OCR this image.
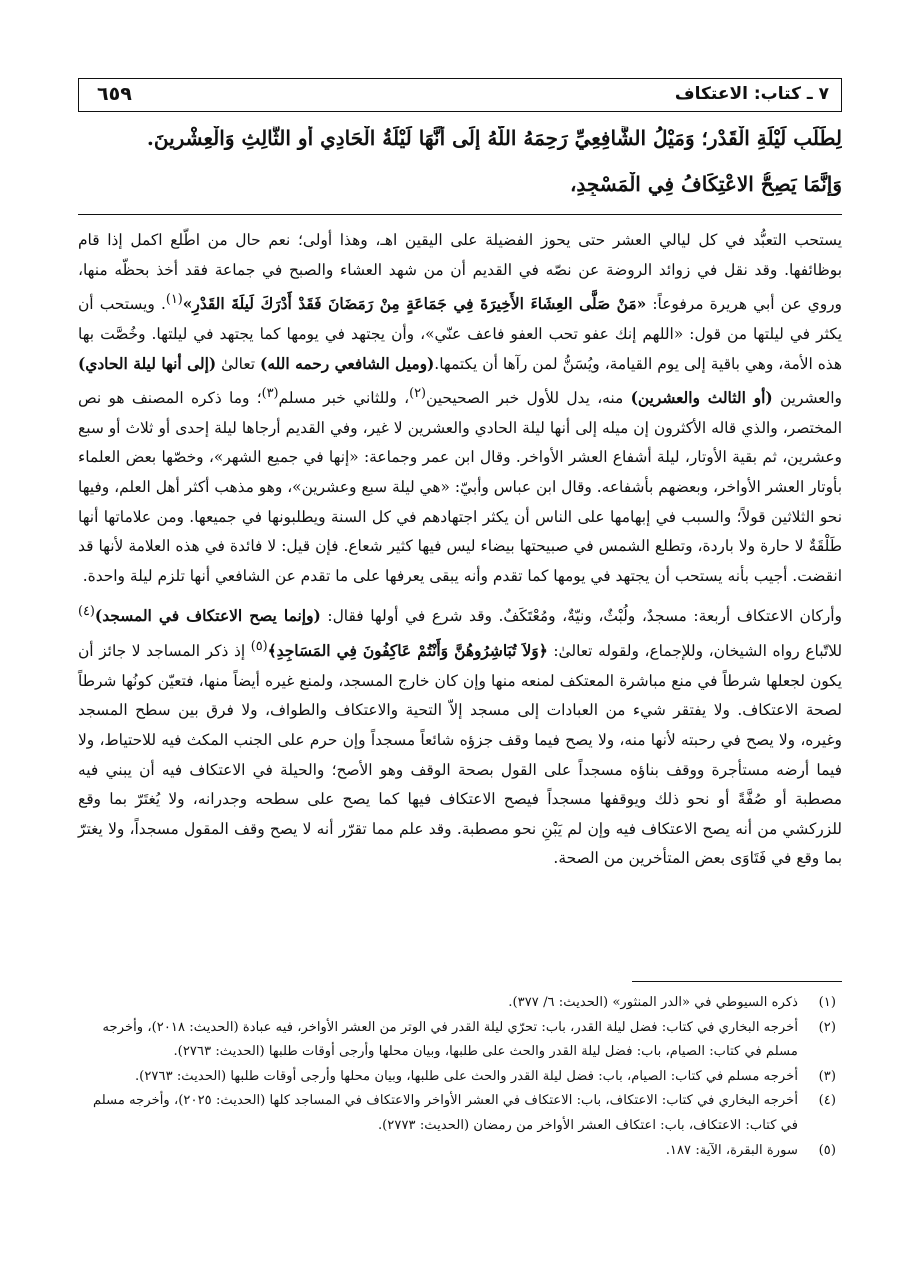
٧ ـ كتاب: الاعتكاف
٦٥٩
لِطَلَبِ لَيْلَةِ الْقَدْرِ؛ وَمَيْلُ الشَّافِعِيِّ رَحِمَهُ اللَّهُ إِلَى أَنَّهَا لَيْلَةُ الْحَادِي أَوِ الثَّالِثِ وَالْعِشْرِينَ.
وَإِنَّمَا يَصِحُّ الاعْتِكَافُ فِي الْمَسْجِدِ،

يستحب التعبُّد في كل ليالي العشر حتى يحوز الفضيلة على اليقين اهـ، وهذا أولى؛ نعم حال من اطّلع اكمل إذا قام بوظائفها. وقد نقل في زوائد الروضة عن نصّه في القديم أن من شهد العشاء والصبح في جماعة فقد أخذ بحظّه منها، وروي عن أبي هريرة مرفوعاً: «مَنْ صَلَّى العِشَاءَ الأَخِيرَةَ فِي جَمَاعَةٍ مِنْ رَمَضَانَ فَقَدْ أَدْرَكَ لَيلَةَ القَدْرِ»$^{(١)}$. ويستحب أن يكثر في ليلتها من قول: «اللهم إنك عفو تحب العفو فاعف عنّي»، وأن يجتهد في يومها كما يجتهد في ليلتها. وخُصَّت بها هذه الأمة، وهي باقية إلى يوم القيامة، ويُسَنُّ لمن رآها أن يكتمها.(وميل الشافعي رحمه الله) تعالىٰ (إلى أنها ليلة الحادي) والعشرين (أو الثالث والعشرين) منه، يدل للأول خبر الصحيحين$^{(٢)}$، وللثاني خبر مسلم$^{(٣)}$؛ وما ذكره المصنف هو نص المختصر، والذي قاله الأكثرون إن ميله إلى أنها ليلة الحادي والعشرين لا غير، وفي القديم أرجاها ليلة إحدى أو ثلاث أو سبع وعشرين، ثم بقية الأوتار، ليلة أشفاع العشر الأواخر. وقال ابن عمر وجماعة: «إنها في جميع الشهر»، وخصّها بعض العلماء بأوتار العشر الأواخر، وبعضهم بأشفاعه. وقال ابن عباس وأبيّ: «هي ليلة سبع وعشرين»، وهو مذهب أكثر أهل العلم، وفيها نحو الثلاثين قولاً؛ والسبب في إبهامها على الناس أن يكثر اجتهادهم في كل السنة ويطلبونها في جميعها. ومن علاماتها أنها طَلْقَةٌ لا حارة ولا باردة، وتطلع الشمس في صبيحتها بيضاء ليس فيها كثير شعاع. فإن قيل: لا فائدة في هذه العلامة لأنها قد انقضت. أجيب بأنه يستحب أن يجتهد في يومها كما تقدم وأنه يبقى يعرفها على ما تقدم عن الشافعي أنها تلزم ليلة واحدة.

وأركان الاعتكاف أربعة: مسجدٌ، ولُبْثٌ، ونيّةٌ، ومُعْتَكَفٌ. وقد شرع في أولها فقال: (وإنما يصح الاعتكاف في المسجد)$^{(٤)}$ للاتّباع رواه الشيخان، وللإجماع، ولقوله تعالىٰ: ﴿وَلاَ تُبَاشِرُوهُنَّ وَأَنْتُمْ عَاكِفُونَ فِي المَسَاجِدِ﴾$^{(٥)}$ إذ ذكر المساجد لا جائز أن يكون لجعلها شرطاً في منع مباشرة المعتكف لمنعه منها وإن كان خارج المسجد، ولمنع غيره أيضاً منها، فتعيّن كونُها شرطاً لصحة الاعتكاف. ولا يفتقر شيء من العبادات إلى مسجد إلاّ التحية والاعتكاف والطواف، ولا فرق بين سطح المسجد وغيره، ولا يصح في رحبته لأنها منه، ولا يصح فيما وقف جزؤه شائعاً مسجداً وإن حرم على الجنب المكث فيه للاحتياط، ولا فيما أرضه مستأجرة ووقف بناؤه مسجداً على القول بصحة الوقف وهو الأصح؛ والحيلة في الاعتكاف فيه أن يبني فيه مصطبة أو صُفَّةً أو نحو ذلك ويوقفها مسجداً فيصح الاعتكاف فيها كما يصح على سطحه وجدرانه، ولا يُغتَرّ بما وقع للزركشي من أنه يصح الاعتكاف فيه وإن لم يَبْنِ نحو مصطبة. وقد علم مما تقرّر أنه لا يصح وقف المقول مسجداً، ولا يغترّ بما وقع في فَتَاوَى بعض المتأخرين من الصحة.

(١)
ذكره السيوطي في «الدر المنثور» (الحديث: ٦/ ٣٧٧).
(٢)
أخرجه البخاري في كتاب: فضل ليلة القدر، باب: تحرّي ليلة القدر في الوتر من العشر الأواخر، فيه عبادة (الحديث: ٢٠١٨)، وأخرجه مسلم في كتاب: الصيام، باب: فضل ليلة القدر والحث على طلبها، وبيان محلها وأرجى أوقات طلبها (الحديث: ٢٧٦٣).
(٣)
أخرجه مسلم في كتاب: الصيام، باب: فضل ليلة القدر والحث على طلبها، وبيان محلها وأرجى أوقات طلبها (الحديث: ٢٧٦٣).
(٤)
أخرجه البخاري في كتاب: الاعتكاف، باب: الاعتكاف في العشر الأواخر والاعتكاف في المساجد كلها (الحديث: ٢٠٢٥)، وأخرجه مسلم في كتاب: الاعتكاف، باب: اعتكاف العشر الأواخر من رمضان (الحديث: ٢٧٧٣).
(٥)
سورة البقرة، الآية: ١٨٧.
